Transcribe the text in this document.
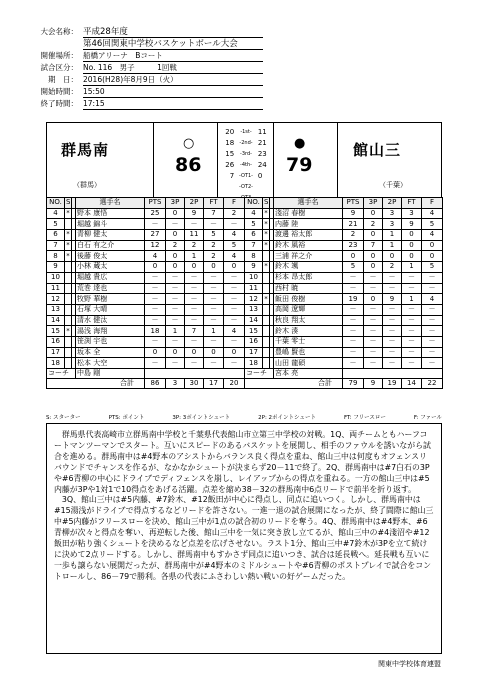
大会名称： 平成28年度
第46回関東中学校バスケットボール大会
開催場所： 船橋アリーナ　Bコート
試合区分： No. 116　男子　　　1回戦
期　日： 2016(H28)年8月9日（火）
開始時間： 15:50
終了時間： 17:15
群馬南
（群馬）
○
86
20	-1st- 11
18	-2nd- 21
15	-3rd- 23
26	-4th- 24
7 -OT1- 0
-OT2-
●
79
館山三
（千葉）
NO.	S		選手名	PTS	3P	2P	FT	F
4	*		野本 康悟	25	0	9	7	2
5			堀越 錦斗	－	－	－	－	－
6	*		青柳 健太	27	0	11	5	4
7	*		白石 有之介	12	2	2	2	5
8	*		後藤 俊太	4	0	1	2	4
9			小林 蔵太	0	0	0	0	0
10			堀越 貴広	－	－	－	－	－
11			荒巻 達也	－	－	－	－	－
12			牧野 華樹	－	－	－	－	－
13			石塚 大晴	－	－	－	－	－
14			清水 健汰	－	－	－	－	－
15	*		湯浅 海翔	18	1	7	1	4
16			笹渕 宇也	－	－	－	－	－
17			坂本 全	0	0	0	0	0
18			松本 大空	－	－	－	－	－
コーチ			中島 剛					
合計				86	3	30	17	20
NO.	S		選手名	PTS	3P	2P	FT	F
4	*		淺沼 春樹	9	0	3	3	4
5	*		内藤 陸	21	2	3	9	5
6	*		渡邊 裕太郎	2	0	1	0	4
7	*		鈴木 風裕	23	7	1	0	0
8			三浦 祥之介	0	0	0	0	0
9	*		鈴木 颯	5	0	2	1	5
10			杉本 昂太郎	－	－	－	－	－
11			西村 暁	－	－	－	－	－
12	*		飯田 俊樹	19	0	9	1	4
13			高岡 遼輝	－	－	－	－	－
14			秋良 翔太	－	－	－	－	－
15			鈴木 湊	－	－	－	－	－
16			千葉 零士	－	－	－	－	－
17			豊嶋 賢也	－	－	－	－	－
18			山田 龍碩	－	－	－	－	－
コーチ			宮本 亮					
合計				79	9	19	14	22
S: スターター	PTS: ポイント	3P: 3ポイントシュート	2P: 2ポイントシュート	FT: フリースロー	F: ファール

　群馬県代表高崎市立群馬南中学校と千葉県代表館山市立第三中学校の対戦。1Q、両チームともハーフコートマンツーマンでスタート。互いにスピードのあるバスケットを展開し、相手のファウルを誘いながら試合を進める。群馬南中は#4野本のアシストからバランス良く得点を重ね、館山三中は何度もオフェンスリバウンドでチャンスを作るが、なかなかシュートが決まらず20－11で終了。2Q、群馬南中は#7白石の3Pや#6青柳の中心にドライブでディフェンスを崩し、レイアップからの得点を重ねる。一方の館山三中は#5内藤が3Pや1対1で10得点をあげる活躍。点差を縮め38－32の群馬南中6点リードで前半を折り返す。

　3Q、館山三中は#5内藤、#7鈴木、#12飯田が中心に得点し、同点に追いつく。しかし、群馬南中は#15湯浅がドライブで得点するなどリードを許さない。一進一退の試合展開になったが、終了間際に館山三中#5内藤がフリースローを決め、館山三中が1点の試合初のリードを奪う。4Q、群馬南中は#4野本、#6青柳が次々と得点を奪い、再逆転した後、館山三中を一気に突き放し立てるが、館山三中の#4淺沼や#12飯田が粘り強くシュートを決めるなど点差を広げさせない。ラスト1分、館山三中#7鈴木が3Pを立て続けに決めて2点リードする。しかし、群馬南中もすかさず同点に追いつき、試合は延長戦へ。延長戦も互いに一歩も譲らない展開だったが、群馬南中が#4野本のミドルシュートや#6青柳のポストプレイで試合をコントロールし、86－79で勝利。各県の代表にふさわしい熱い戦いの好ゲームだった。

関東中学校体育連盟
